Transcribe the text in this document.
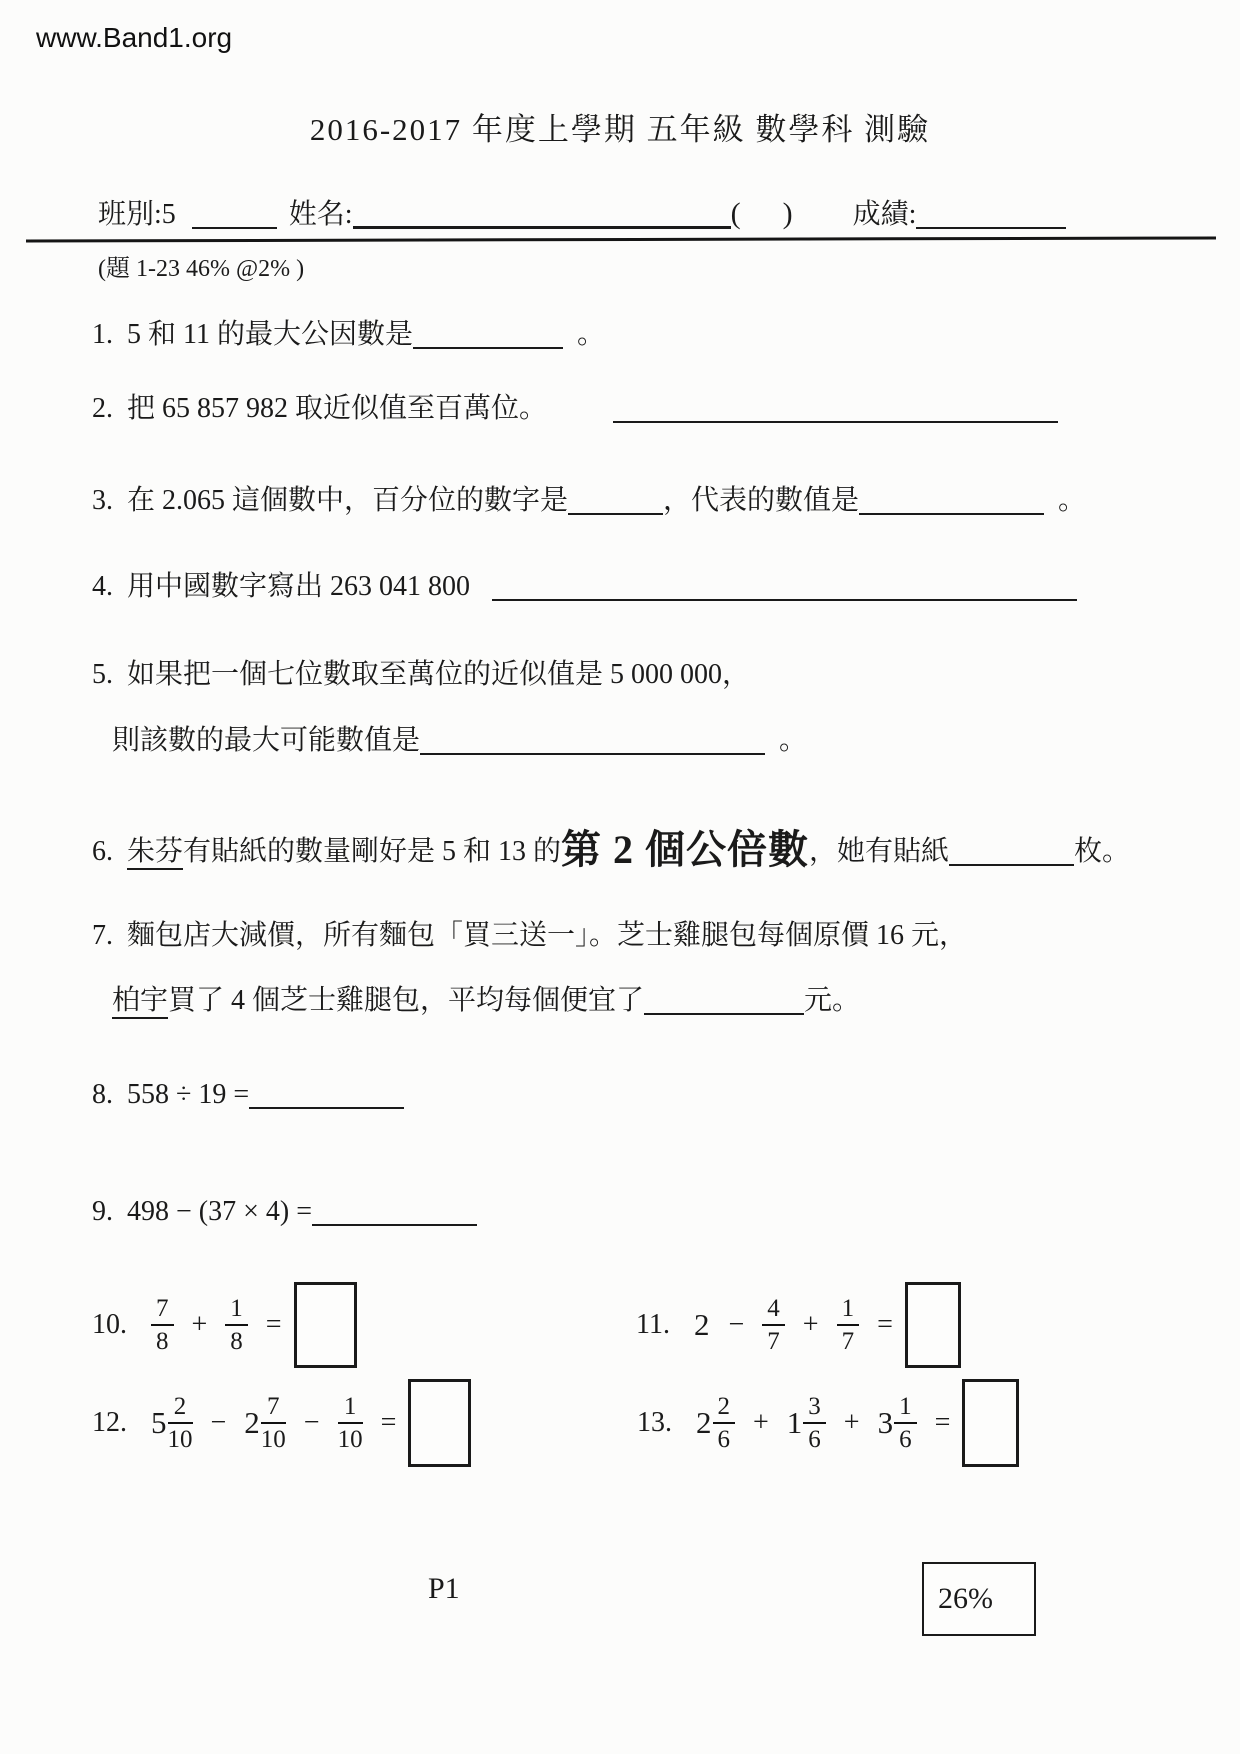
www.Band1.org
2016-2017 年度上學期 五年級 數學科 測驗
班別:5	姓名:	( ) 成績:
(題 1-23 46% @2% )
1. 5 和 11 的最大公因數是	。
2. 把 65 857 982 取近似值至百萬位。
3. 在 2.065 這個數中，百分位的數字是	，代表的數值是	。
4. 用中國數字寫出 263 041 800
5. 如果把一個七位數取至萬位的近似值是 5 000 000，
則該數的最大可能數值是	。
6. 朱芬有貼紙的數量剛好是 5 和 13 的第 2 個公倍數，她有貼紙	枚。
7. 麵包店大減價，所有麵包「買三送一」。芝士雞腿包每個原價 16 元，
柏宇買了 4 個芝士雞腿包，平均每個便宜了	元。
8. 558 ÷ 19 =
9. 498 − (37 × 4) =
10. $\frac{7}{8} + \frac{1}{8}$ =	11. $2 - \frac{4}{7} + \frac{1}{7}$ =
12. $5 \frac{2}{10} - 2 \frac{7}{10} - \frac{1}{10}$ =	13. $2 \frac{2}{6} + 1 \frac{3}{6} + 3 \frac{1}{6}$ =
P1	26%
